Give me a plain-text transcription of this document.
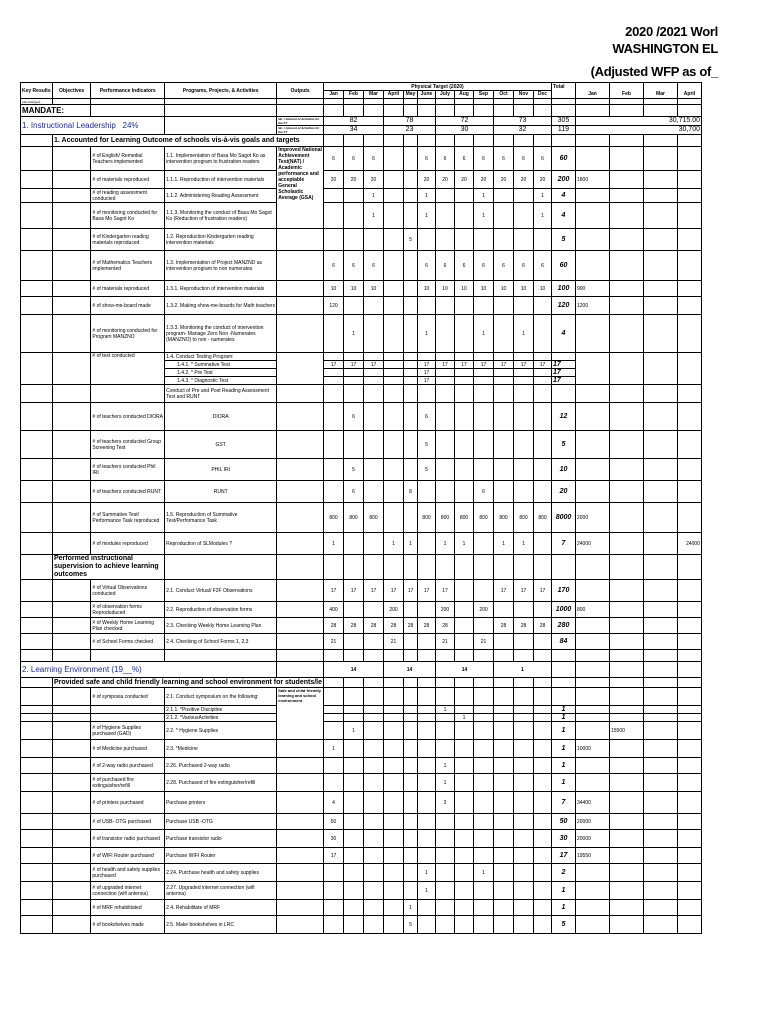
2020 /2021 Worl
WASHINGTON EL
(Adjusted WFP as of_
Key Results	Objectives	Performance Indicators	Programs, Projects, & Activities	Outputs	Physical Target (2020)												Total				
					Jan	Feb	Mar	April	May	June	July	Aug	Sep	Oct	Nov	Dec		Jan	Feb	Mar	April
(del.changed)																					
MANDATE:																					
1. Instructional Leadership 24%				No. / Amount of Activities for the FY	82			78			72			73			305	30,715.00			
				No. / Amount of Activities for the FY	34			23			30			32			119	30,700			
	1. Accounted for Learning Outcome of schools vis-à-vis goals and targets																				
		# of English/ Remedial Teachers implemented	1.1. Implementation of Basa Mo Sagot Ko as intervention program to frustration readers	Improved National Achievement Test(NAT) / Academic performance and acceptable General Scholastic Average (GSA)	6	6	6			6	6	6	6	6	6	6	60				
		# of materials reproduced	1.1.1. Reproduction of intervention materials		20	20	20			20	20	20	20	20	20	20	200	1800			
		# of reading assessment conducted	1.1.2. Administering Reading Assessment				1			1			1			1	4				
		# of monitoring conducted for Basa Mo Sagot Ko	1.1.3. Monitoring the conduct of Basa Mo Sagot Ko (Reduction of frustration readers)				1			1			1			1	4				
		# of Kindergarten reading materials reproduced	1.2. Reproduction Kindergarten reading intervention materials						5								5				
		# of Mathematics Teachers implemented	1.3. Implementation of Project MANZND as intervention program to non numerates		6	6	6			6	6	6	6	6	6	6	60				
		# of materials reproduced	1.3.1. Reproduction of intervention materials		10	10	10			10	10	10	10	10	10	10	100	900			
		# of show-me-board made	1.3.2. Making show-me-boards for Math teachers		120												120	1200			
		# of monitoring conducted for Program MANZNO	1.3.3. Monitoring the conduct of intervention program- Manage Zero Non -Numerates (MANZNO) to non - numerates			1				1			1		1		4				
		# of test conducted	1.4. Conduct Testing Program:																		
			1.4.1. * Summative Test		17	17	17			17	17	17	17	17	17	17	17				
			1.4.2. * Pre Test							17							17				
			1.4.3. * Diagnostic Test							17							17				
			Conduct of Pre and Post Reading Assessment Test and RUNT																		
		# of teachers conducted DIORA	DIORA			6				6							12				
		# of teachers conducted Group Screening Test	GST							5							5				
		# of teachers conducted Phil IRI	PHIL IRI			5				5							10				
		# of teachers conducted RUNT	RUNT			6			8				6				20				
		# of Summative Test/ Performance Task reproduced	1.5. Reproduction of Summative Test/Performance Task		800	800	800			800	800	800	800	800	800	800	8000	2000			
		# of modules reproduced	Reproduction of SLModules ?		1			1	1		1	1		1	1		7	24000			24000
	Performed instructional supervision to achieve learning outcomes																				
		# of Virtual Observations conducted	2.1. Conduct Virtual/ F2F Observations		17	17	17	17	17	17	17			17	17	17	170				
		# of observation forms Reproduduced	2.2. Reproduction of observation forms		400			200			200		200				1000	800			
		# of Weekly Home Learning Plan checked	2.3. Checking Weekly Home Learning Plan		28	28	28	28	28	28	28			28	28	28	280				
		# of School Forms checked	2.4. Checking of School Forms 1, 2,3		21			21			21		21				84				

2. Learning Environment (19__%)					14			14			14			1							
	Provided safe and child friendly learning and school environment for students/le																				
		# of symposia conducted	2.1. Conduct symposium on the following:	Safe and child friendly learning and school environment																	
			2.1.1. *Positive Discipline								1						1				
			2.1.2. *VariousActivities									1					1				
		# of Hygiene Supplies purchased (GAD)	2.2. * Hygiene Supplies			1											1		15500		
		# of Medicine purchased	2.3. *Medicine		1												1	10000			
		# of 2-way radio purchased	2.26. Purchased 2-way radio								1						1				
		# of purchased fire extinguisher/refill	2.28. Purchased of fire extinguisher/refill								1						1				
		# of printers purchased	Purchase printers		4						3						7	34400			
		# of USB- OTG purchased	Purchase USB -OTG		50												50	20000			
		# of transistor radio purchased	Purchase transistor radio		30												30	20000			
		# of WIFI Router purchased	Purchase WIFI Router		17												17	19550			
		# of health and safety supplies purchased	2.24. Purchase health and safety supplies							1			1				2				
		# of upgraded internet connection (wifi antenna)	2.27. Upgraded internet connection (wifi antenna)							1							1				
		# of MRF rehabilitated	2.4. Rehabilitate of MRF						1								1				
		# of bookshelves made	2.5. Make bookshelves in LRC						5								5				
